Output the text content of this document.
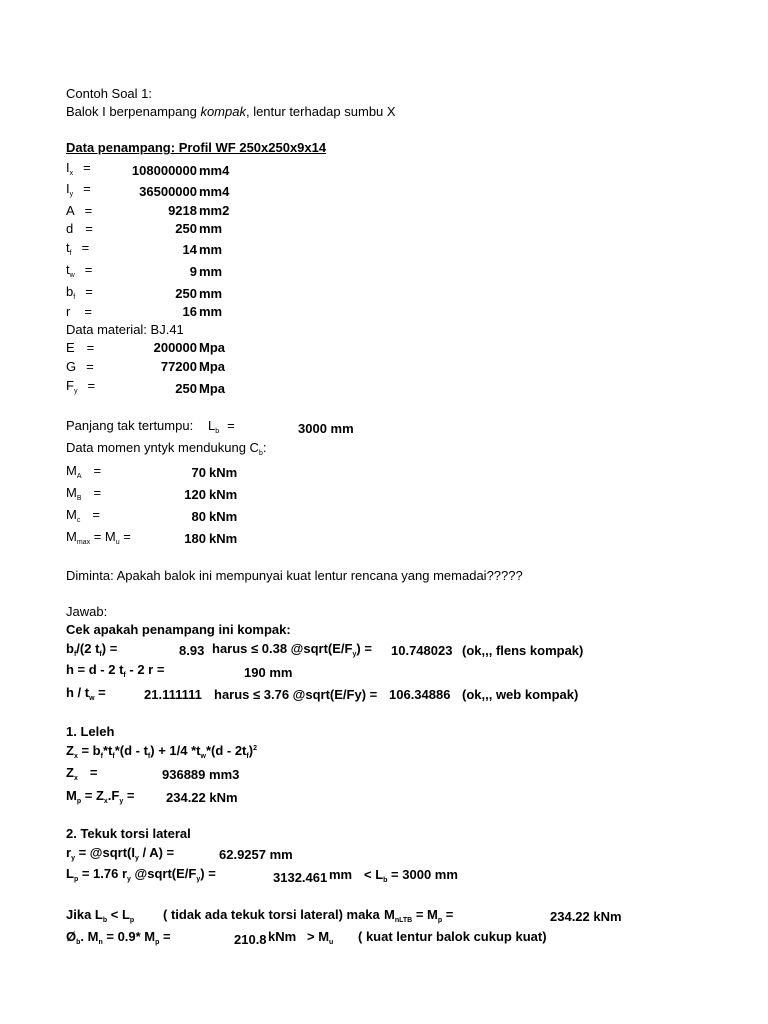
Contoh Soal 1:
Balok I berpenampang kompak, lentur terhadap sumbu X
Data penampang: Profil WF 250x250x9x14
$I_x$ =	108000000 mm4
$I_y$ =	36500000 mm4
A =	9218 mm2
d =	250 mm
$t_f$ =	14 mm
$t_w$ =	9 mm
$b_f$ =	250 mm
r =	16 mm
Data material: BJ.41
E =	200000 Mpa
G =	77200 Mpa
$F_y$ =	250 Mpa
Panjang tak tertumpu: $L_b$ =	3000 mm
Data momen yntyk mendukung $C_b$:
$M_A$ =	70 kNm
$M_B$ =	120 kNm
$M_c$ =	80 kNm
$M_{max} = M_u$ =	180 kNm
Diminta: Apakah balok ini mempunyai kuat lentur rencana yang memadai?????
Jawab:
Cek apakah penampang ini kompak:
$b_f/(2$ $t_f$) =	8.93 harus ≤ 0.38 $@sqrt(E/F_y) = 10.748023$ (ok,,, flens kompak)
h = d - 2 $t_f - 2$ r =	190 mm
h / $t_w$ =	21.111111 harus ≤ 3.76 @sqrt(E/Fy) = 106.34886 (ok,,, web kompak)
1. Leleh
$Z_x = b_f*t_f*(d - t_f) + 1/4$ $*t_w*(d - 2t_f)^2$
$Z_x$ =	936889 mm3
$M_p = Z_x.F_y = 234.22$ kNm
2. Tekuk torsi lateral
$r_y$ = $@sqrt(I_y / A)$ =	62.9257 mm
$L_p = 1.76$ $r_y$ $@sqrt(E/F_y)$ =	3132.461 mm < $L_b = 3000$ mm
Jika $L_b < L_p$ ( tidak ada tekuk torsi lateral) maka $M_{nLTB} = M_p$ =	234.22 kNm
$Ø_b$. $M_n = 0.9*$ $M_p$ =	210.8 kNm > $M_u$ ( kuat lentur balok cukup kuat)
